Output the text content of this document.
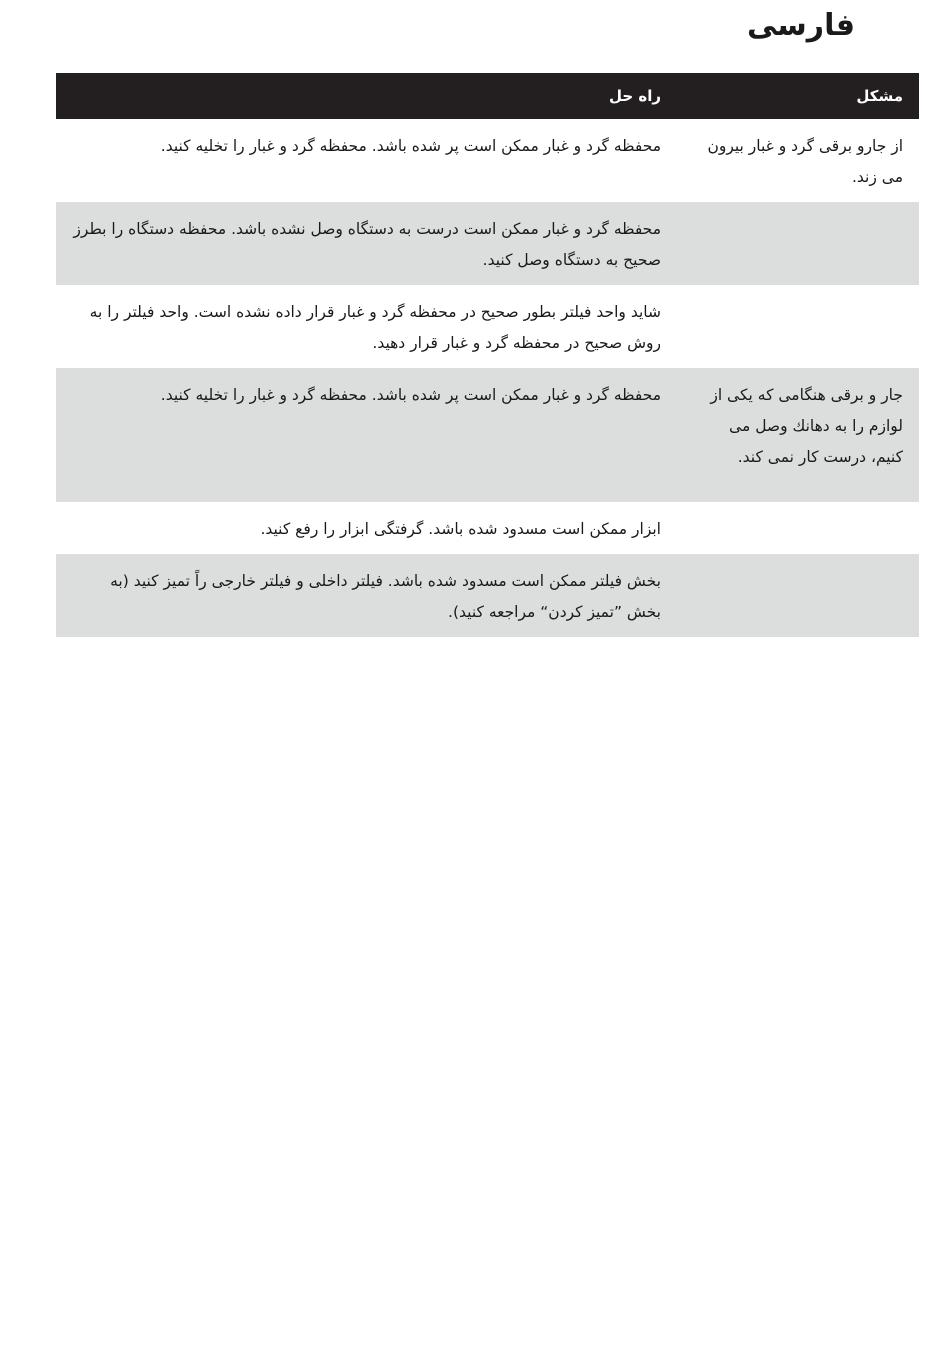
فارسی
مشکل	راه حل
از جارو برقی گرد و غبار بیرون می زند.	محفظه گرد و غبار ممکن است پر شده باشد. محفظه گرد و غبار را تخلیه کنید.
	محفظه گرد و غبار ممکن است درست به دستگاه وصل نشده باشد. محفظه دستگاه را بطرز صحیح به دستگاه وصل کنید.
	شاید واحد فیلتر بطور صحیح در محفظه گرد و غبار قرار داده نشده است. واحد فیلتر را به روش صحیح در محفظه گرد و غبار قرار دهید.
جار و برقی هنگامی که یکی از لوازم را به دهانك وصل می کنیم، درست کار نمی کند.	محفظه گرد و غبار ممکن است پر شده باشد. محفظه گرد و غبار را تخلیه کنید.
	ابزار ممکن است مسدود شده باشد. گرفتگی ابزار را رفع کنید.
	بخش فیلتر ممکن است مسدود شده باشد. فیلتر داخلی و فیلتر خارجی راً تمیز کنید (به بخش ”تمیز کردن“ مراجعه کنید).
